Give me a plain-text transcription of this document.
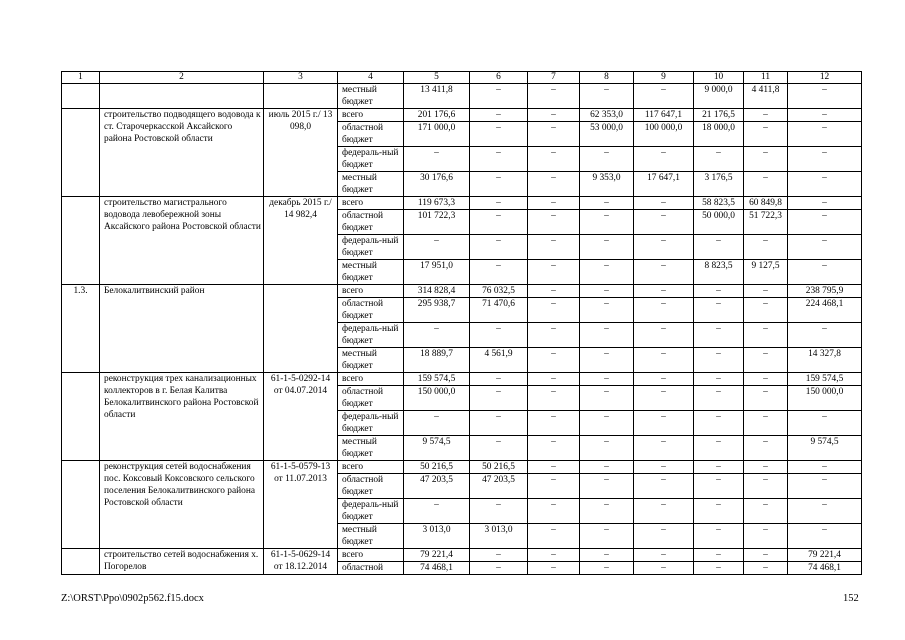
1	2	3	4	5	6	7	8	9	10	11	12
			местный бюджет	13 411,8	–	–	–	–	9 000,0	4 411,8	–
	строительство подводящего водовода к ст. Старочеркасской Аксайского района Ростовской области	июль 2015 г./ 13 098,0	всего	201 176,6	–	–	62 353,0	117 647,1	21 176,5	–	–
			областной бюджет	171 000,0	–	–	53 000,0	100 000,0	18 000,0	–	–
			федераль-ный бюджет	–	–	–	–	–	–	–	–
			местный бюджет	30 176,6	–	–	9 353,0	17 647,1	3 176,5	–	–
	строительство магистрального водовода левобережной зоны Аксайского района Ростовской области	декабрь 2015 г./ 14 982,4	всего	119 673,3	–	–	–	–	58 823,5	60 849,8	–
			областной бюджет	101 722,3	–	–	–	–	50 000,0	51 722,3	–
			федераль-ный бюджет	–	–	–	–	–	–	–	–
			местный бюджет	17 951,0	–	–	–	–	8 823,5	9 127,5	–
1.3.	Белокалитвинский район		всего	314 828,4	76 032,5	–	–	–	–	–	238 795,9
			областной бюджет	295 938,7	71 470,6	–	–	–	–	–	224 468,1
			федераль-ный бюджет	–	–	–	–	–	–	–	–
			местный бюджет	18 889,7	4 561,9	–	–	–	–	–	14 327,8
	реконструкция трех канализационных коллекторов в г. Белая Калитва Белокалитвинского района Ростовской области	61-1-5-0292-14 от 04.07.2014	всего	159 574,5	–	–	–	–	–	–	159 574,5
			областной бюджет	150 000,0	–	–	–	–	–	–	150 000,0
			федераль-ный бюджет	–	–	–	–	–	–	–	–
			местный бюджет	9 574,5	–	–	–	–	–	–	9 574,5
	реконструкция сетей водоснабжения пос. Коксовый Коксовского сельского поселения Белокалитвинского района Ростовской области	61-1-5-0579-13 от 11.07.2013	всего	50 216,5	50 216,5	–	–	–	–	–	–
			областной бюджет	47 203,5	47 203,5	–	–	–	–	–	–
			федераль-ный бюджет	–	–	–	–	–	–	–	–
			местный бюджет	3 013,0	3 013,0	–	–	–	–	–	–
	строительство сетей водоснабжения х. Погорелов	61-1-5-0629-14 от 18.12.2014	всего	79 221,4	–	–	–	–	–	–	79 221,4
			областной	74 468,1	–	–	–	–	–	–	74 468,1
Z:\ORST\Ppo\0902p562.f15.docx	152
